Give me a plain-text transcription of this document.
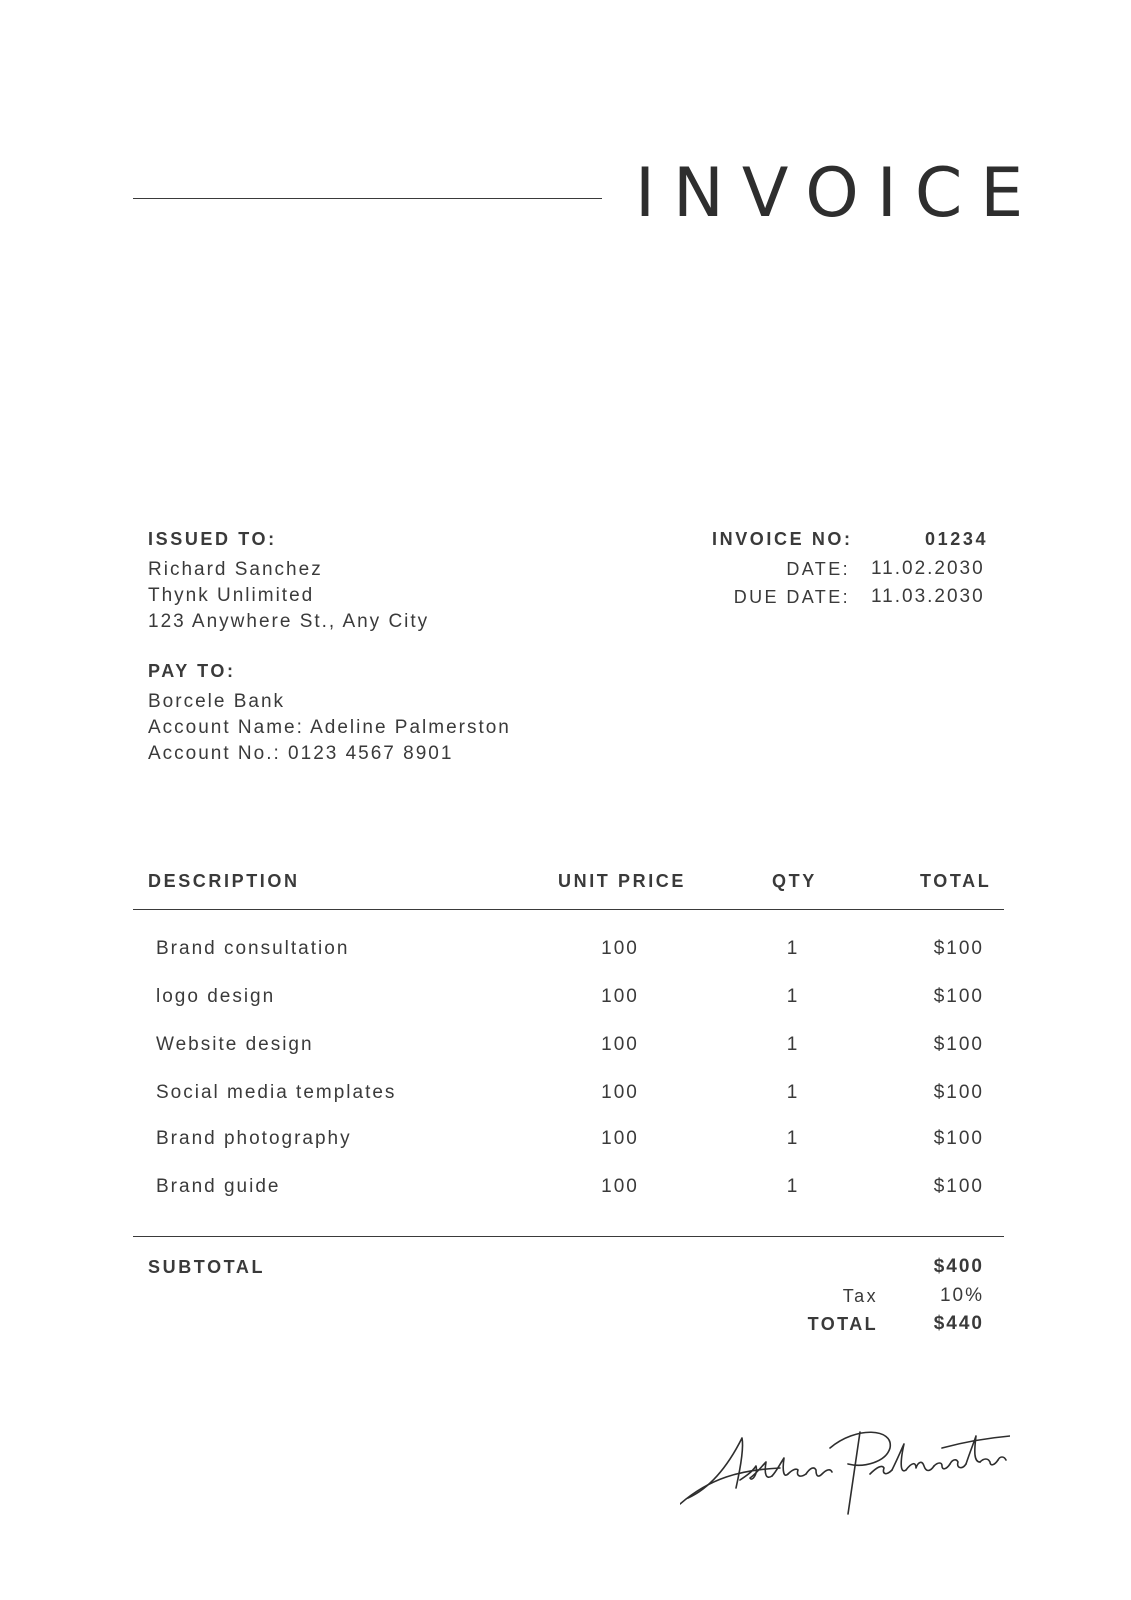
INVOICE
ISSUED TO:
Richard Sanchez
Thynk Unlimited
123 Anywhere St., Any City
PAY TO:
Borcele Bank
Account Name: Adeline Palmerston
Account No.: 0123 4567 8901
INVOICE NO:	01234
DATE: 11.02.2030
DUE DATE: 11.03.2030
DESCRIPTION	UNIT PRICE	QTY	TOTAL
Brand consultation	100	1	$100
logo design	100	1	$100
Website design	100	1	$100
Social media templates	100	1	$100
Brand photography	100	1	$100
Brand guide	100	1	$100
SUBTOTAL	$400
Tax	10%
TOTAL	$440
